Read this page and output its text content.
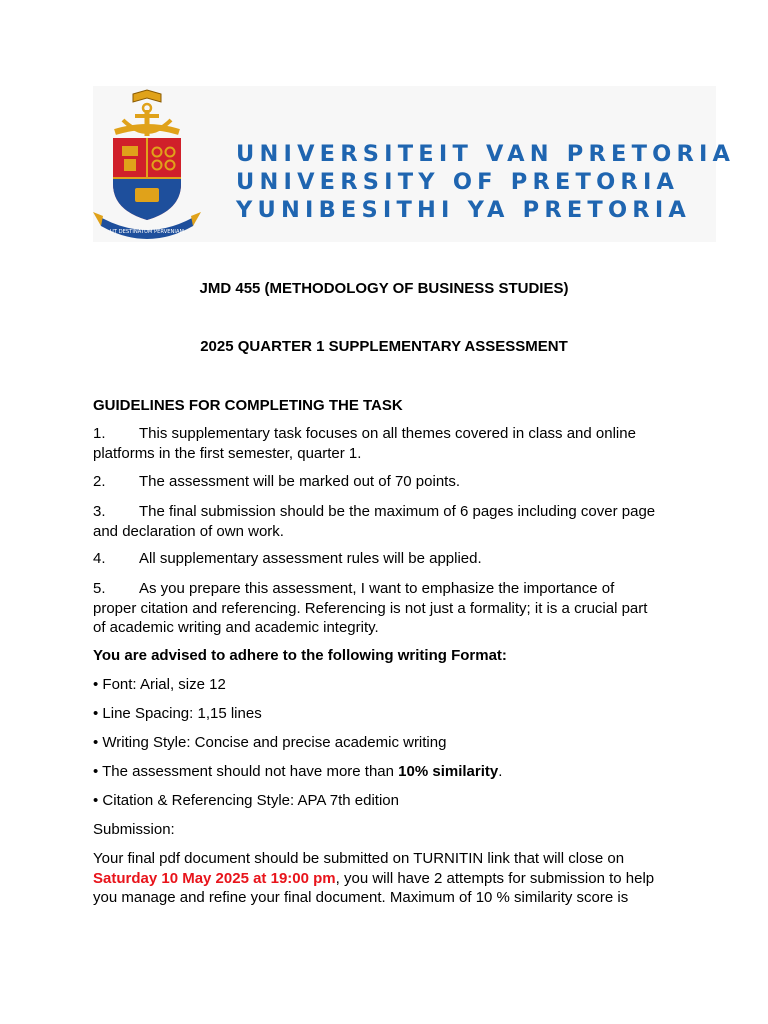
UT DESTINATUM PERVENIAM
UNIVERSITEIT VAN PRETORIA
UNIVERSITY OF PRETORIA
YUNIBESITHI YA PRETORIA
JMD 455 (METHODOLOGY OF BUSINESS STUDIES)
2025 QUARTER 1 SUPPLEMENTARY ASSESSMENT
GUIDELINES FOR COMPLETING THE TASK
1. This supplementary task focuses on all themes covered in class and online
platforms in the first semester, quarter 1.
2. The assessment will be marked out of 70 points.
3. The final submission should be the maximum of 6 pages including cover page
and declaration of own work.
4. All supplementary assessment rules will be applied.
5. As you prepare this assessment, I want to emphasize the importance of
proper citation and referencing. Referencing is not just a formality; it is a crucial part
of academic writing and academic integrity.
You are advised to adhere to the following writing Format:
• Font: Arial, size 12
• Line Spacing: 1,15 lines
• Writing Style: Concise and precise academic writing
• The assessment should not have more than 10% similarity.
• Citation & Referencing Style: APA 7th edition
Submission:
Your final pdf document should be submitted on TURNITIN link that will close on
Saturday 10 May 2025 at 19:00 pm, you will have 2 attempts for submission to help
you manage and refine your final document. Maximum of 10 % similarity score is
